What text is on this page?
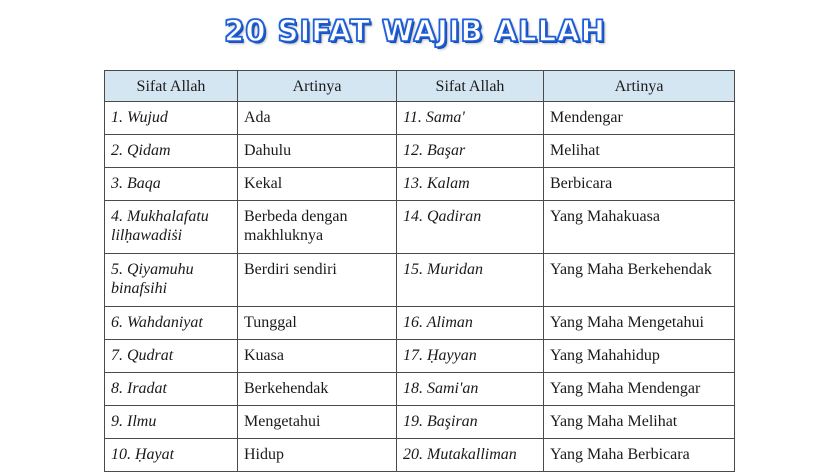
20 SIFAT WAJIB ALLAH
Sifat Allah	Artinya	Sifat Allah	Artinya
1. Wujud	Ada	11. Sama'	Mendengar
2. Qidam	Dahulu	12. Başar	Melihat
3. Baqa	Kekal	13. Kalam	Berbicara
4. Mukhalafatu lilḥawadiṡi	Berbeda dengan makhluknya	14. Qadiran	Yang Mahakuasa
5. Qiyamuhu binafsihi	Berdiri sendiri	15. Muridan	Yang Maha Berkehendak
6. Wahdaniyat	Tunggal	16. Aliman	Yang Maha Mengetahui
7. Qudrat	Kuasa	17. Ḥayyan	Yang Mahahidup
8. Iradat	Berkehendak	18. Sami'an	Yang Maha Mendengar
9. Ilmu	Mengetahui	19. Başiran	Yang Maha Melihat
10. Ḥayat	Hidup	20. Mutakalliman	Yang Maha Berbicara
